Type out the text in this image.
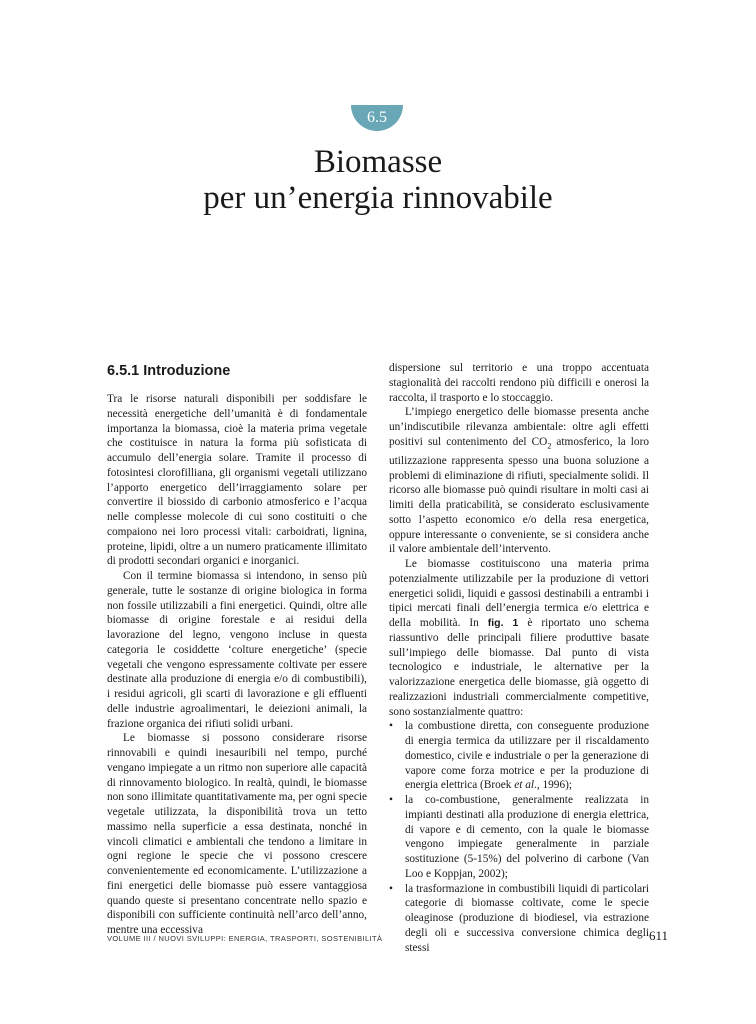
6.5
Biomasse
per un’energia rinnovabile
6.5.1 Introduzione

Tra le risorse naturali disponibili per soddisfare le necessità energetiche dell’umanità è di fondamentale importanza la biomassa, cioè la materia prima vegetale che costituisce in natura la forma più sofisticata di accumulo dell’energia solare. Tramite il processo di fotosintesi clorofilliana, gli organismi vegetali utilizzano l’apporto energetico dell’irraggiamento solare per convertire il biossido di carbonio atmosferico e l’acqua nelle complesse molecole di cui sono costituiti o che compaiono nei loro processi vitali: carboidrati, lignina, proteine, lipidi, oltre a un numero praticamente illimitato di prodotti secondari organici e inorganici.

Con il termine biomassa si intendono, in senso più generale, tutte le sostanze di origine biologica in forma non fossile utilizzabili a fini energetici. Quindi, oltre alle biomasse di origine forestale e ai residui della lavorazione del legno, vengono incluse in questa categoria le cosiddette ‘colture energetiche’ (specie vegetali che vengono espressamente coltivate per essere destinate alla produzione di energia e/o di combustibili), i residui agricoli, gli scarti di lavorazione e gli effluenti delle industrie agroalimentari, le deiezioni animali, la frazione organica dei rifiuti solidi urbani.

Le biomasse si possono considerare risorse rinnovabili e quindi inesauribili nel tempo, purché vengano impiegate a un ritmo non superiore alle capacità di rinnovamento biologico. In realtà, quindi, le biomasse non sono illimitate quantitativamente ma, per ogni specie vegetale utilizzata, la disponibilità trova un tetto massimo nella superficie a essa destinata, nonché in vincoli climatici e ambientali che tendono a limitare in ogni regione le specie che vi possono crescere convenientemente ed economicamente. L’utilizzazione a fini energetici delle biomasse può essere vantaggiosa quando queste si presentano concentrate nello spazio e disponibili con sufficiente continuità nell’arco dell’anno, mentre una eccessiva

dispersione sul territorio e una troppo accentuata stagionalità dei raccolti rendono più difficili e onerosi la raccolta, il trasporto e lo stoccaggio.

L’impiego energetico delle biomasse presenta anche un’indiscutibile rilevanza ambientale: oltre agli effetti positivi sul contenimento del $CO_2$ atmosferico, la loro utilizzazione rappresenta spesso una buona soluzione a problemi di eliminazione di rifiuti, specialmente solidi. Il ricorso alle biomasse può quindi risultare in molti casi ai limiti della praticabilità, se considerato esclusivamente sotto l’aspetto economico e/o della resa energetica, oppure interessante o conveniente, se si considera anche il valore ambientale dell’intervento.

Le biomasse costituiscono una materia prima potenzialmente utilizzabile per la produzione di vettori energetici solidi, liquidi e gassosi destinabili a entrambi i tipici mercati finali dell’energia termica e/o elettrica e della mobilità. In fig. 1 è riportato uno schema riassuntivo delle principali filiere produttive basate sull’impiego delle biomasse. Dal punto di vista tecnologico e industriale, le alternative per la valorizzazione energetica delle biomasse, già oggetto di realizzazioni industriali commercialmente competitive, sono sostanzialmente quattro:

• la combustione diretta, con conseguente produzione di energia termica da utilizzare per il riscaldamento domestico, civile e industriale o per la generazione di vapore come forza motrice e per la produzione di energia elettrica (Broek et al., 1996);
• la co-combustione, generalmente realizzata in impianti destinati alla produzione di energia elettrica, di vapore e di cemento, con la quale le biomasse vengono impiegate generalmente in parziale sostituzione (5-15%) del polverino di carbone (Van Loo e Koppjan, 2002);
• la trasformazione in combustibili liquidi di particolari categorie di biomasse coltivate, come le specie oleaginose (produzione di biodiesel, via estrazione degli oli e successiva conversione chimica degli stessi
VOLUME III / NUOVI SVILUPPI: ENERGIA, TRASPORTI, SOSTENIBILITÀ	611
